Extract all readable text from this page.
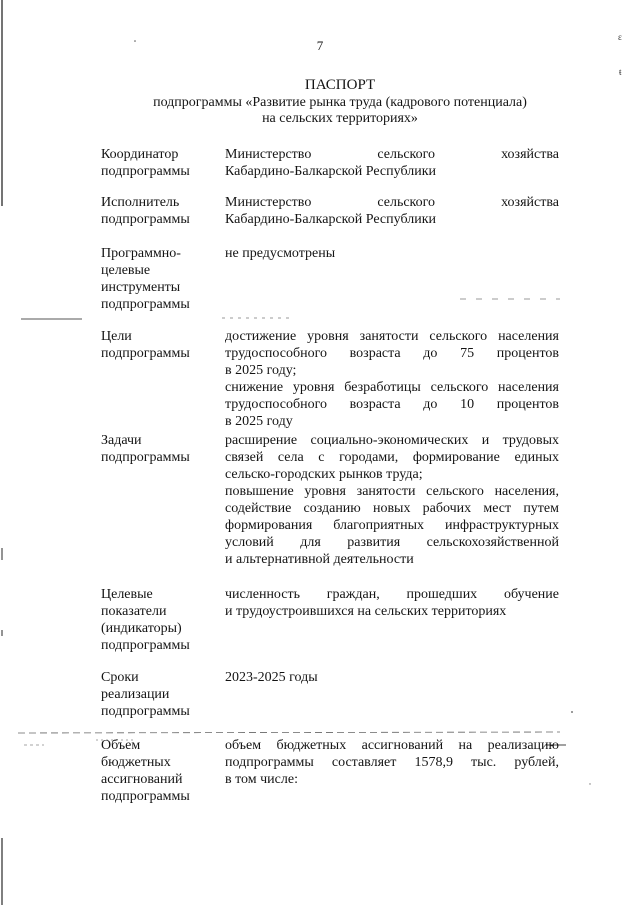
ε
ŧ
7
ПАСПОРТ
подпрограммы «Развитие рынка труда (кадрового потенциала)
на сельских территориях»
Координатор
подпрограммы
Министерство сельского хозяйства
Кабардино-Балкарской Республики
Исполнитель
подпрограммы
Министерство сельского хозяйства
Кабардино-Балкарской Республики
Программно-
целевые
инструменты
подпрограммы
не предусмотрены
Цели
подпрограммы
достижение уровня занятости сельского населения
трудоспособного возраста до 75 процентов
в 2025 году;
снижение уровня безработицы сельского населения
трудоспособного возраста до 10 процентов
в 2025 году
Задачи
подпрограммы
расширение социально-экономических и трудовых
связей села с городами, формирование единых
сельско-городских рынков труда;
повышение уровня занятости сельского населения,
содействие созданию новых рабочих мест путем
формирования благоприятных инфраструктурных
условий для развития сельскохозяйственной
и альтернативной деятельности
Целевые
показатели
(индикаторы)
подпрограммы
численность граждан, прошедших обучение
и трудоустроившихся на сельских территориях
Сроки
реализации
подпрограммы
2023-2025 годы
Объем
бюджетных
ассигнований
подпрограммы
объем бюджетных ассигнований на реализацию
подпрограммы составляет 1578,9 тыс. рублей,
в том числе:
